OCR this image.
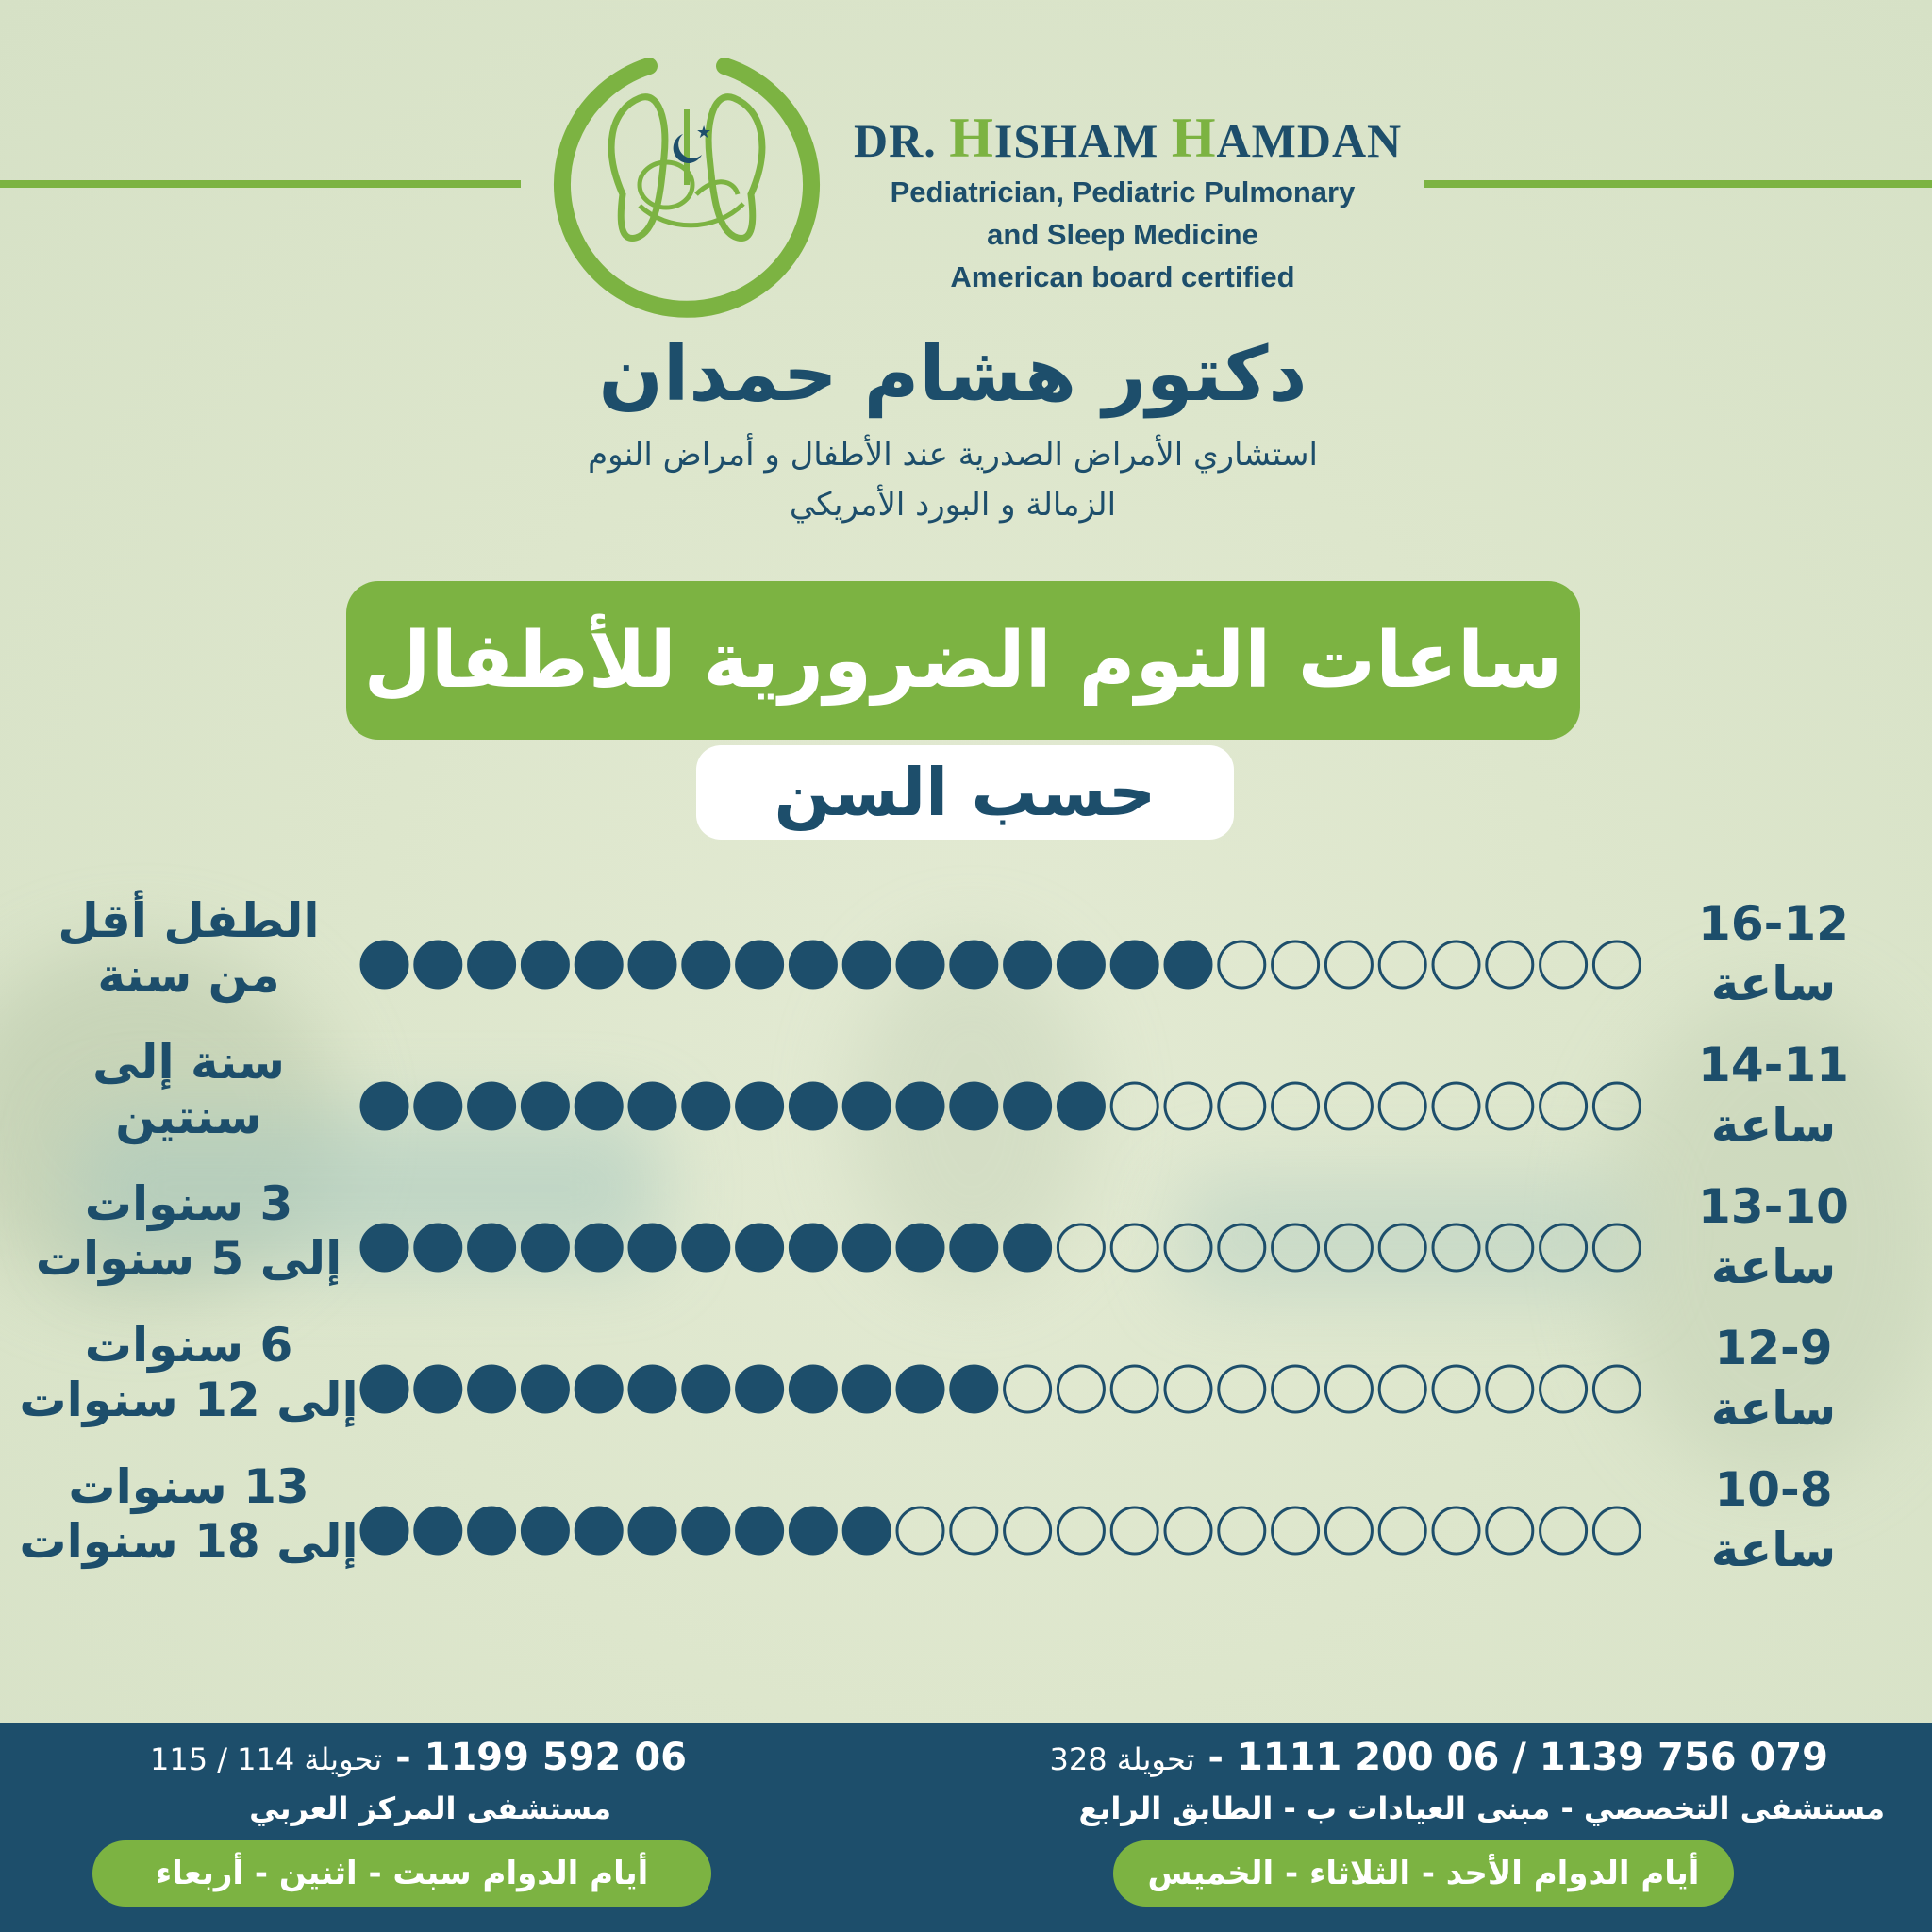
★	DR. HISHAM HAMDAN
Pediatrician, Pediatric Pulmonary
and Sleep Medicine
American board certified
دكتور هشام حمدان
استشاري الأمراض الصدرية عند الأطفال و أمراض النوم
الزمالة و البورد الأمريكي
ساعات النوم الضرورية للأطفال
حسب السن
الطفل أقل
من سنة
16-12
ساعة
سنة إلى
سنتين
14-11
ساعة
3 سنوات
إلى 5 سنوات
13-10
ساعة
6 سنوات
إلى 12 سنوات
12-9
ساعة
13 سنوات
إلى 18 سنوات
10-8
ساعة
079 756 1139 / 06 200 1111 - تحويلة 328
مستشفى التخصصي - مبنى العيادات ب - الطابق الرابع
06 592 1199 - تحويلة 114 / 115
مستشفى المركز العربي
أيام الدوام الأحد - الثلاثاء - الخميس
أيام الدوام سبت - اثنين - أربعاء
